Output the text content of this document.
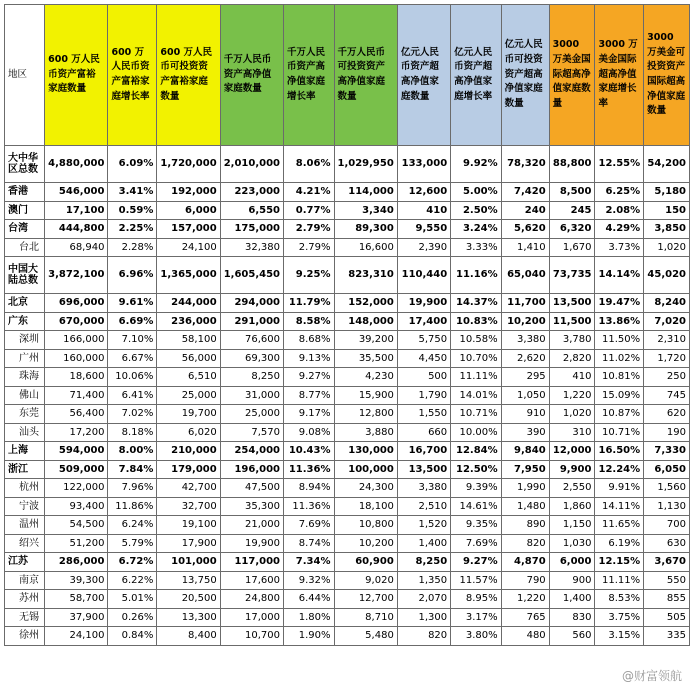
地区	600 万人民币资产富裕家庭数量	600 万人民币资产富裕家庭增长率	600 万人民币可投资资产富裕家庭数量	千万人民币资产高净值家庭数量	千万人民币资产高净值家庭增长率	千万人民币可投资资产高净值家庭数量	亿元人民币资产超高净值家庭数量	亿元人民币资产超高净值家庭增长率	亿元人民币可投资资产超高净值家庭数量	3000 万美金国际超高净值家庭数量	3000 万美金国际超高净值家庭增长率	3000 万美金可投资资产国际超高净值家庭数量
大中华区总数	4,880,000	6.09%	1,720,000	2,010,000	8.06%	1,029,950	133,000	9.92%	78,320	88,800	12.55%	54,200
香港	546,000	3.41%	192,000	223,000	4.21%	114,000	12,600	5.00%	7,420	8,500	6.25%	5,180
澳门	17,100	0.59%	6,000	6,550	0.77%	3,340	410	2.50%	240	245	2.08%	150
台湾	444,800	2.25%	157,000	175,000	2.79%	89,300	9,550	3.24%	5,620	6,320	4.29%	3,850
台北	68,940	2.28%	24,100	32,380	2.79%	16,600	2,390	3.33%	1,410	1,670	3.73%	1,020
中国大陆总数	3,872,100	6.96%	1,365,000	1,605,450	9.25%	823,310	110,440	11.16%	65,040	73,735	14.14%	45,020
北京	696,000	9.61%	244,000	294,000	11.79%	152,000	19,900	14.37%	11,700	13,500	19.47%	8,240
广东	670,000	6.69%	236,000	291,000	8.58%	148,000	17,400	10.83%	10,200	11,500	13.86%	7,020
深圳	166,000	7.10%	58,100	76,600	8.68%	39,200	5,750	10.58%	3,380	3,780	11.50%	2,310
广州	160,000	6.67%	56,000	69,300	9.13%	35,500	4,450	10.70%	2,620	2,820	11.02%	1,720
珠海	18,600	10.06%	6,510	8,250	9.27%	4,230	500	11.11%	295	410	10.81%	250
佛山	71,400	6.41%	25,000	31,000	8.77%	15,900	1,790	14.01%	1,050	1,220	15.09%	745
东莞	56,400	7.02%	19,700	25,000	9.17%	12,800	1,550	10.71%	910	1,020	10.87%	620
汕头	17,200	8.18%	6,020	7,570	9.08%	3,880	660	10.00%	390	310	10.71%	190
上海	594,000	8.00%	210,000	254,000	10.43%	130,000	16,700	12.84%	9,840	12,000	16.50%	7,330
浙江	509,000	7.84%	179,000	196,000	11.36%	100,000	13,500	12.50%	7,950	9,900	12.24%	6,050
杭州	122,000	7.96%	42,700	47,500	8.94%	24,300	3,380	9.39%	1,990	2,550	9.91%	1,560
宁波	93,400	11.86%	32,700	35,300	11.36%	18,100	2,510	14.61%	1,480	1,860	14.11%	1,130
温州	54,500	6.24%	19,100	21,000	7.69%	10,800	1,520	9.35%	890	1,150	11.65%	700
绍兴	51,200	5.79%	17,900	19,900	8.74%	10,200	1,400	7.69%	820	1,030	6.19%	630
江苏	286,000	6.72%	101,000	117,000	7.34%	60,900	8,250	9.27%	4,870	6,000	12.15%	3,670
南京	39,300	6.22%	13,750	17,600	9.32%	9,020	1,350	11.57%	790	900	11.11%	550
苏州	58,700	5.01%	20,500	24,800	6.44%	12,700	2,070	8.95%	1,220	1,400	8.53%	855
无锡	37,900	0.26%	13,300	17,000	1.80%	8,710	1,300	3.17%	765	830	3.75%	505
徐州	24,100	0.84%	8,400	10,700	1.90%	5,480	820	3.80%	480	560	3.15%	335
@财富领航
